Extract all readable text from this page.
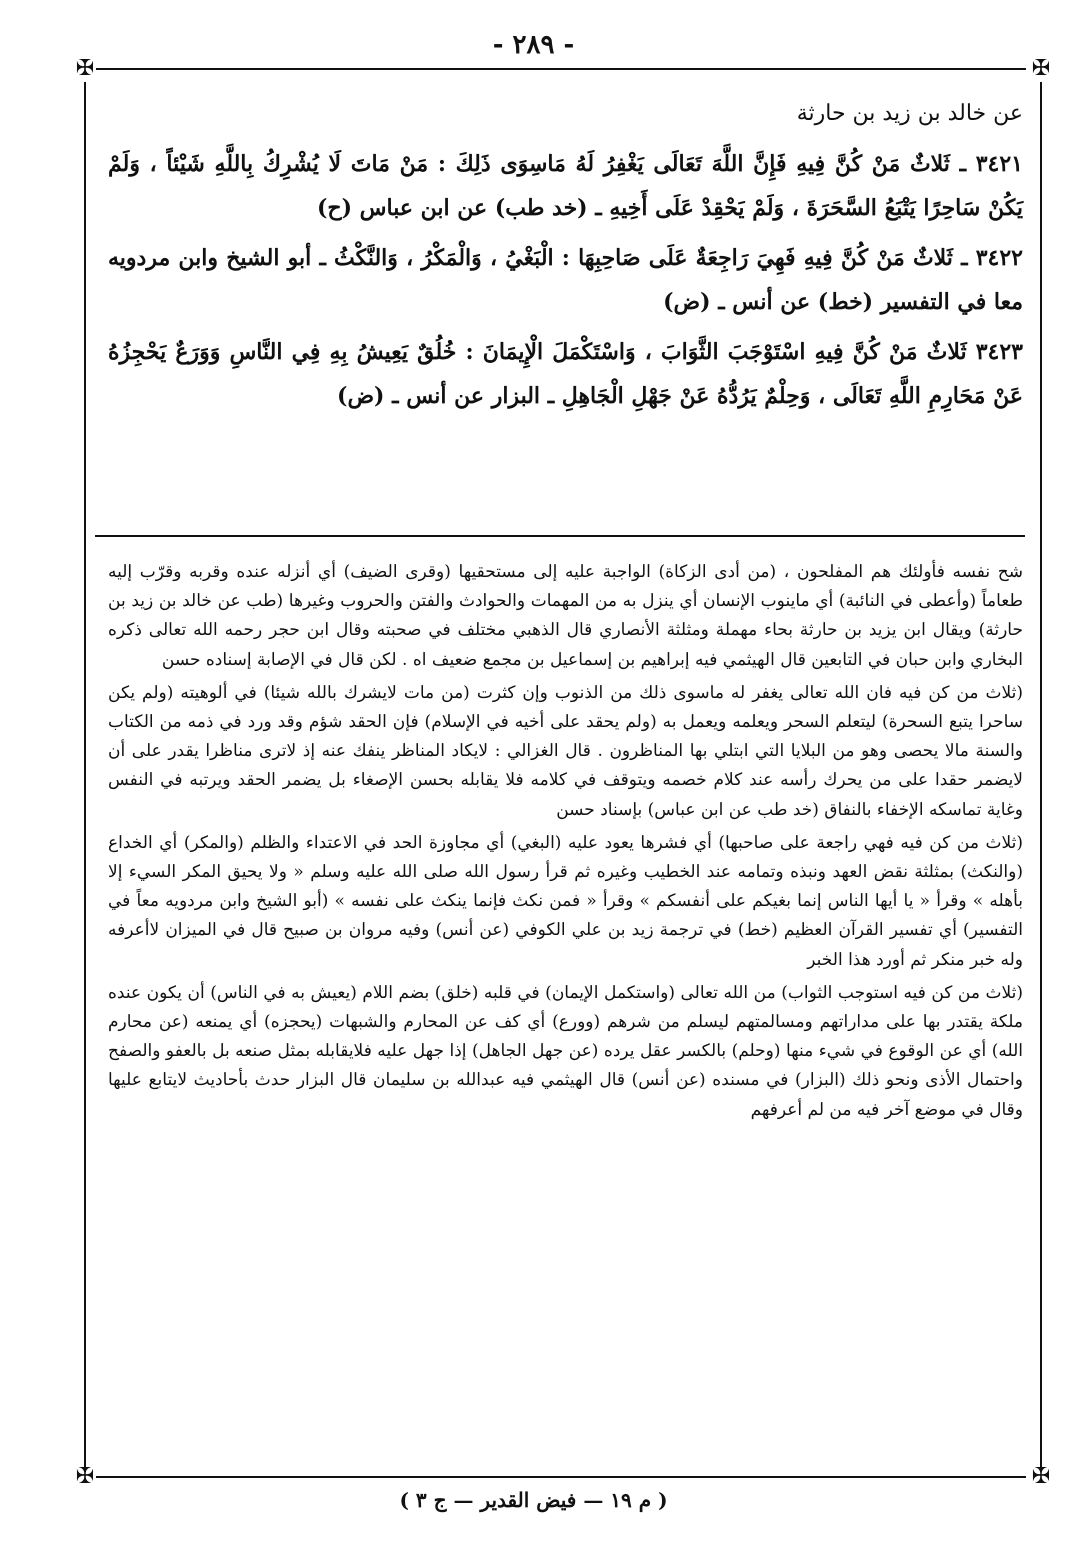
- ٢٨٩ -
✠	✠
✠	✠

عن خالد بن زيد بن حارثة

٣٤٢١ ـ ثَلاثٌ مَنْ كُنَّ فِيهِ فَإِنَّ اللَّهَ تَعَالَى يَغْفِرُ لَهُ مَاسِوَى ذَلِكَ : مَنْ مَاتَ لَا يُشْرِكُ بِاللَّهِ شَيْئاً ، وَلَمْ يَكُنْ سَاحِرًا يَتْبَعُ السَّحَرَةَ ، وَلَمْ يَحْقِدْ عَلَى أَخِيهِ ـ (خد طب) عن ابن عباس (ح)

٣٤٢٢ ـ ثَلاثٌ مَنْ كُنَّ فِيهِ فَهِيَ رَاجِعَةٌ عَلَى صَاحِبِهَا : الْبَغْيُ ، وَالْمَكْرُ ، وَالنَّكْثُ ـ أبو الشيخ وابن مردويه معا في التفسير (خط) عن أنس ـ (ض)

٣٤٢٣ ثَلاثٌ مَنْ كُنَّ فِيهِ اسْتَوْجَبَ الثَّوَابَ ، وَاسْتَكْمَلَ الْإِيمَانَ : خُلُقٌ يَعِيشُ بِهِ فِي النَّاسِ وَوَرَعٌ يَحْجِزُهُ عَنْ مَحَارِمِ اللَّهِ تَعَالَى ، وَحِلْمٌ يَرُدُّهُ عَنْ جَهْلِ الْجَاهِلِ ـ البزار عن أنس ـ (ض)

شح نفسه فأولئك هم المفلحون ، (من أدى الزكاة) الواجبة عليه إلى مستحقيها (وقرى الضيف) أي أنزله عنده وقربه وقرّب إليه طعاماً (وأعطى في النائبة) أي ماينوب الإنسان أي ينزل به من المهمات والحوادث والفتن والحروب وغيرها (طب عن خالد بن زيد بن حارثة) ويقال ابن يزيد بن حارثة بحاء مهملة ومثلثة الأنصاري قال الذهبي مختلف في صحبته وقال ابن حجر رحمه الله تعالى ذكره البخاري وابن حبان في التابعين قال الهيثمي فيه إبراهيم بن إسماعيل بن مجمع ضعيف اه . لكن قال في الإصابة إسناده حسن

(ثلاث من كن فيه فان الله تعالى يغفر له ماسوى ذلك من الذنوب وإن كثرت (من مات لايشرك بالله شيئا) في ألوهيته (ولم يكن ساحرا يتبع السحرة) ليتعلم السحر ويعلمه ويعمل به (ولم يحقد على أخيه في الإسلام) فإن الحقد شؤم وقد ورد في ذمه من الكتاب والسنة مالا يحصى وهو من البلايا التي ابتلي بها المناظرون . قال الغزالي : لايكاد المناظر ينفك عنه إذ لاترى مناظرا يقدر على أن لايضمر حقدا على من يحرك رأسه عند كلام خصمه ويتوقف في كلامه فلا يقابله بحسن الإصغاء بل يضمر الحقد ويرتبه في النفس وغاية تماسكه الإخفاء بالنفاق (خد طب عن ابن عباس) بإسناد حسن

(ثلاث من كن فيه فهي راجعة على صاحبها) أي فشرها يعود عليه (البغي) أي مجاوزة الحد في الاعتداء والظلم (والمكر) أي الخداع (والنكث) بمثلثة نقض العهد ونبذه وتمامه عند الخطيب وغيره ثم قرأ رسول الله صلى الله عليه وسلم « ولا يحيق المكر السيء إلا بأهله » وقرأ « يا أيها الناس إنما بغيكم على أنفسكم » وقرأ « فمن نكث فإنما ينكث على نفسه » (أبو الشيخ وابن مردويه معاً في التفسير) أي تفسير القرآن العظيم (خط) في ترجمة زيد بن علي الكوفي (عن أنس) وفيه مروان بن صبيح قال في الميزان لاأعرفه وله خبر منكر ثم أورد هذا الخبر

(ثلاث من كن فيه استوجب الثواب) من الله تعالى (واستكمل الإيمان) في قلبه (خلق) بضم اللام (يعيش به في الناس) أن يكون عنده ملكة يقتدر بها على مداراتهم ومسالمتهم ليسلم من شرهم (وورع) أي كف عن المحارم والشبهات (يحجزه) أي يمنعه (عن محارم الله) أي عن الوقوع في شيء منها (وحلم) بالكسر عقل يرده (عن جهل الجاهل) إذا جهل عليه فلايقابله بمثل صنعه بل بالعفو والصفح واحتمال الأذى ونحو ذلك (البزار) في مسنده (عن أنس) قال الهيثمي فيه عبدالله بن سليمان قال البزار حدث بأحاديث لايتابع عليها وقال في موضع آخر فيه من لم أعرفهم

( م ١٩ — فيض القدير — ج ٣ )
